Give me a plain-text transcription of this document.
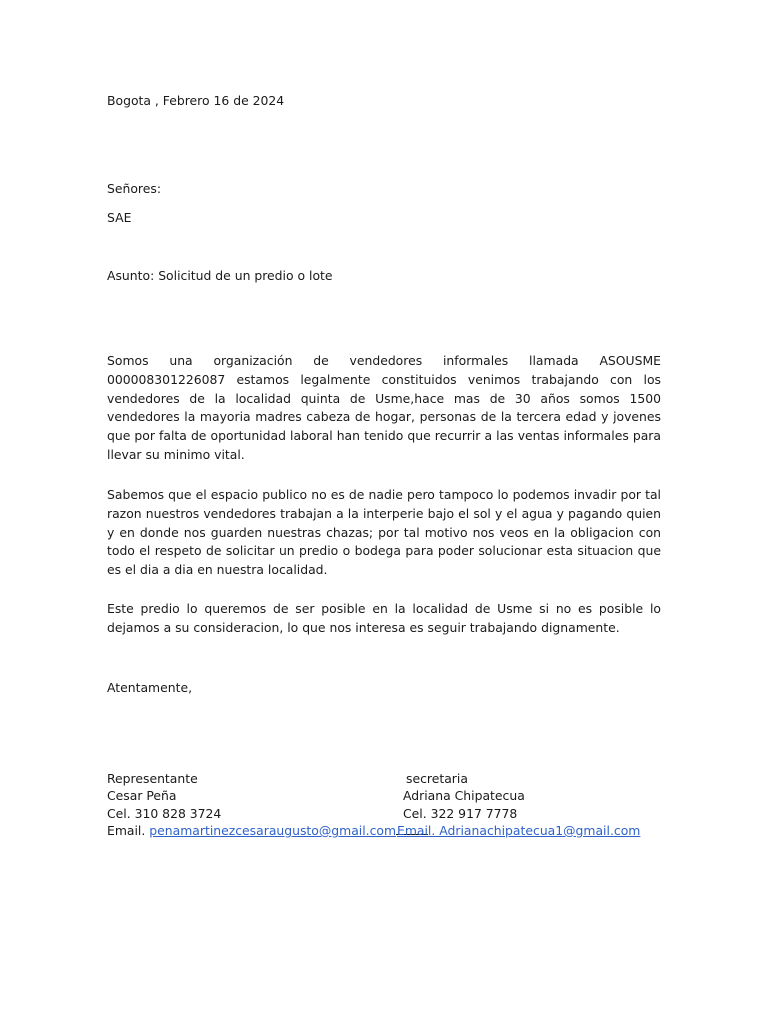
Bogota , Febrero 16 de 2024
Señores:
SAE
Asunto: Solicitud de un predio o lote

Somos una organización de vendedores informales llamada ASOUSME 000008301226087 estamos legalmente constituidos venimos trabajando con los vendedores de la localidad quinta de Usme,hace mas de 30 años somos 1500 vendedores la mayoria madres cabeza de hogar, personas de la tercera edad y jovenes que por falta de oportunidad laboral han tenido que recurrir a las ventas informales para llevar su minimo vital.

Sabemos que el espacio publico no es de nadie pero tampoco lo podemos invadir por tal razon nuestros vendedores trabajan a la interperie bajo el sol y el agua y pagando quien y en donde nos guarden nuestras chazas; por tal motivo nos veos en la obligacion con todo el respeto de solicitar un predio o bodega para poder solucionar esta situacion que es el dia a dia en nuestra localidad.

Este predio lo queremos de ser posible en la localidad de Usme si no es posible lo dejamos a su consideracion, lo que nos interesa es seguir trabajando dignamente.

Atentamente,
Representante
Cesar Peña
Cel. 310 828 3724
Email. penamartinezcesaraugusto@gmail.com
secretaria
Adriana Chipatecua
Cel. 322 917 7778
Email. Adrianachipatecua1@gmail.com
